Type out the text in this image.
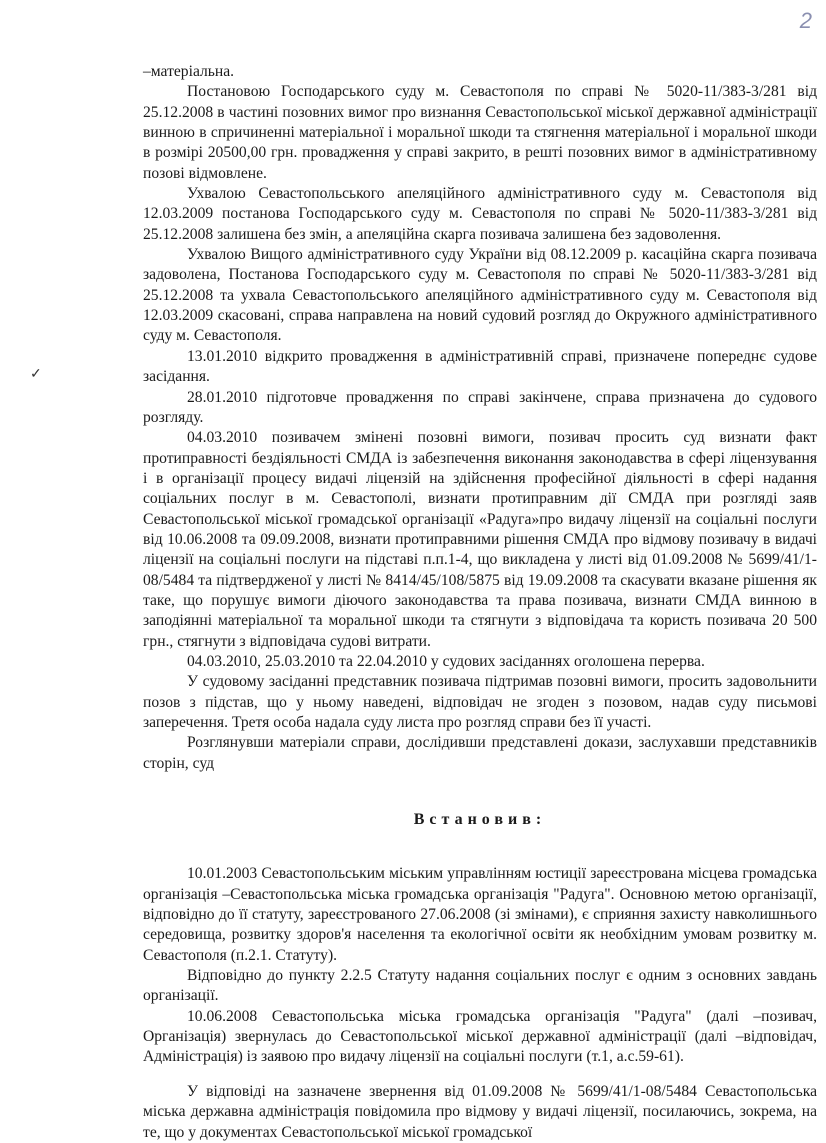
2
✓

–матеріальна.

Постановою Господарського суду м. Севастополя по справі № 5020-11/383-3/281 від 25.12.2008 в частині позовних вимог про визнання Севастопольської міської державної адміністрації винною в спричиненні матеріальної і моральної шкоди та стягнення матеріальної і моральної шкоди в розмірі 20500,00 грн. провадження у справі закрито, в решті позовних вимог в адміністративному позові відмовлене.

Ухвалою Севастопольського апеляційного адміністративного суду м. Севастополя від 12.03.2009 постанова Господарського суду м. Севастополя по справі № 5020-11/383-3/281 від 25.12.2008 залишена без змін, а апеляційна скарга позивача залишена без задоволення.

Ухвалою Вищого адміністративного суду України від 08.12.2009 р. касаційна скарга позивача задоволена, Постанова Господарського суду м. Севастополя по справі № 5020-11/383-3/281 від 25.12.2008 та ухвала Севастопольського апеляційного адміністративного суду м. Севастополя від 12.03.2009 скасовані, справа направлена на новий судовий розгляд до Окружного адміністративного суду м. Севастополя.

13.01.2010 відкрито провадження в адміністративній справі, призначене попереднє судове засідання.

28.01.2010 підготовче провадження по справі закінчене, справа призначена до судового розгляду.

04.03.2010 позивачем змінені позовні вимоги, позивач просить суд визнати факт протиправності бездіяльності СМДА із забезпечення виконання законодавства в сфері ліцензування і в організації процесу видачі ліцензій на здійснення професійної діяльності в сфері надання соціальних послуг в м. Севастополі, визнати протиправним дії СМДА при розгляді заяв Севастопольської міської громадської організації «Радуга»про видачу ліцензії на соціальні послуги від 10.06.2008 та 09.09.2008, визнати протиправними рішення СМДА про відмову позивачу в видачі ліцензії на соціальні послуги на підставі п.п.1-4, що викладена у листі від 01.09.2008 № 5699/41/1-08/5484 та підтвердженої у листі № 8414/45/108/5875 від 19.09.2008 та скасувати вказане рішення як таке, що порушує вимоги діючого законодавства та права позивача, визнати СМДА винною в заподіянні матеріальної та моральної шкоди та стягнути з відповідача та користь позивача 20 500 грн., стягнути з відповідача судові витрати.

04.03.2010, 25.03.2010 та 22.04.2010 у судових засіданнях оголошена перерва.

У судовому засіданні представник позивача підтримав позовні вимоги, просить задовольнити позов з підстав, що у ньому наведені, відповідач не згоден з позовом, надав суду письмові заперечення. Третя особа надала суду листа про розгляд справи без її участі.

Розглянувши матеріали справи, дослідивши представлені докази, заслухавши представників сторін, суд

Встановив:

10.01.2003 Севастопольським міським управлінням юстиції зареєстрована місцева громадська організація –Севастопольська міська громадська організація "Радуга". Основною метою організації, відповідно до її статуту, зареєстрованого 27.06.2008 (зі змінами), є сприяння захисту навколишнього середовища, розвитку здоров'я населення та екологічної освіти як необхідним умовам розвитку м. Севастополя (п.2.1. Статуту).

Відповідно до пункту 2.2.5 Статуту надання соціальних послуг є одним з основних завдань організації.

10.06.2008 Севастопольська міська громадська організація "Радуга" (далі –позивач, Організація) звернулась до Севастопольської міської державної адміністрації (далі –відповідач, Адміністрація) із заявою про видачу ліцензії на соціальні послуги (т.1, а.с.59-61).

У відповіді на зазначене звернення від 01.09.2008 № 5699/41/1-08/5484 Севастопольська міська державна адміністрація повідомила про відмову у видачі ліцензії, посилаючись, зокрема, на те, що у документах Севастопольської міської громадської
